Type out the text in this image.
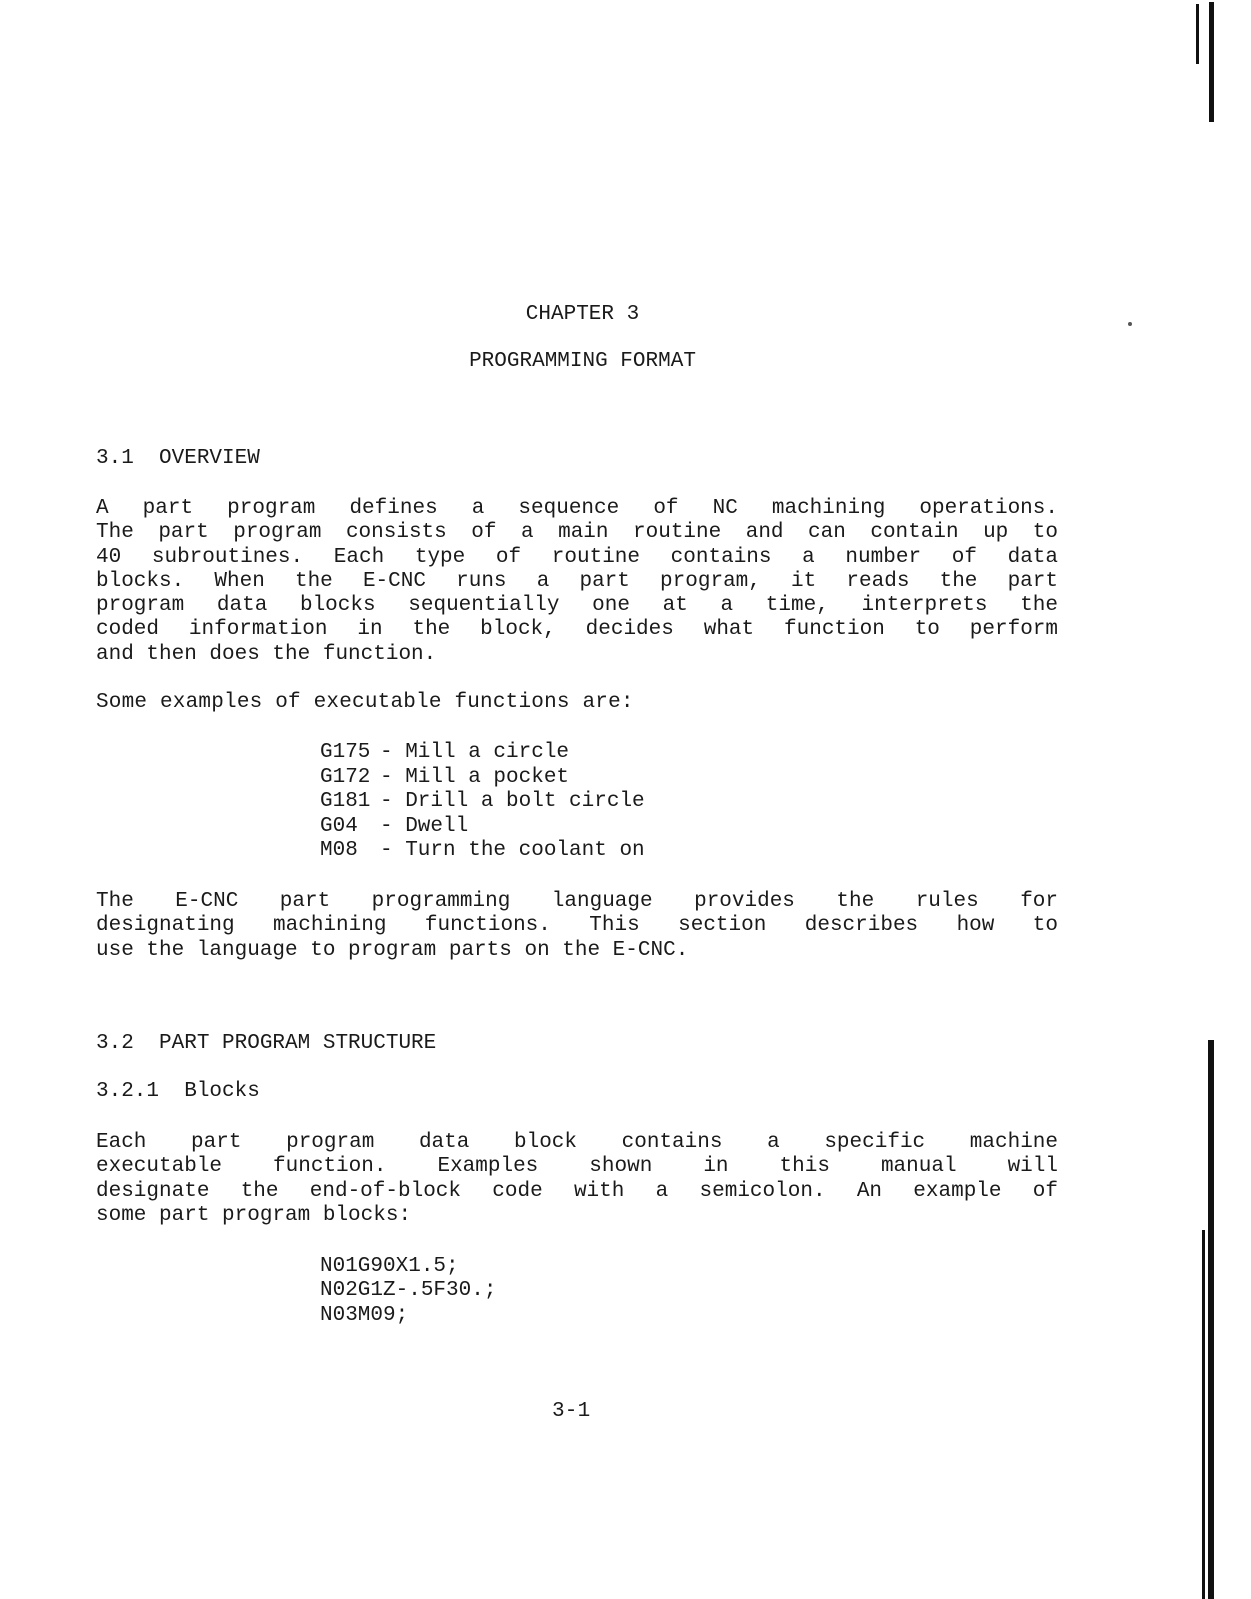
CHAPTER 3
PROGRAMMING FORMAT
3.1  OVERVIEW
A part program defines a sequence of NC machining operations.
The part program consists of a main routine and can contain up to
40 subroutines. Each type of routine contains a number of data
blocks. When the E-CNC runs a part program, it reads the part
program data blocks sequentially one at a time, interprets the
coded information in the block, decides what function to perform
and then does the function.
Some examples of executable functions are:
G175 - Mill a circle
G172 - Mill a pocket
G181 - Drill a bolt circle
G04	- Dwell
M08	- Turn the coolant on
The E-CNC part programming language provides the rules for
designating machining functions. This section describes how to
use the language to program parts on the E-CNC.
3.2  PART PROGRAM STRUCTURE
3.2.1  Blocks
Each part program data block contains a specific machine
executable function. Examples shown in this manual will
designate the end-of-block code with a semicolon. An example of
some part program blocks:
N01G90X1.5;
N02G1Z-.5F30.;
N03M09;
3-1
